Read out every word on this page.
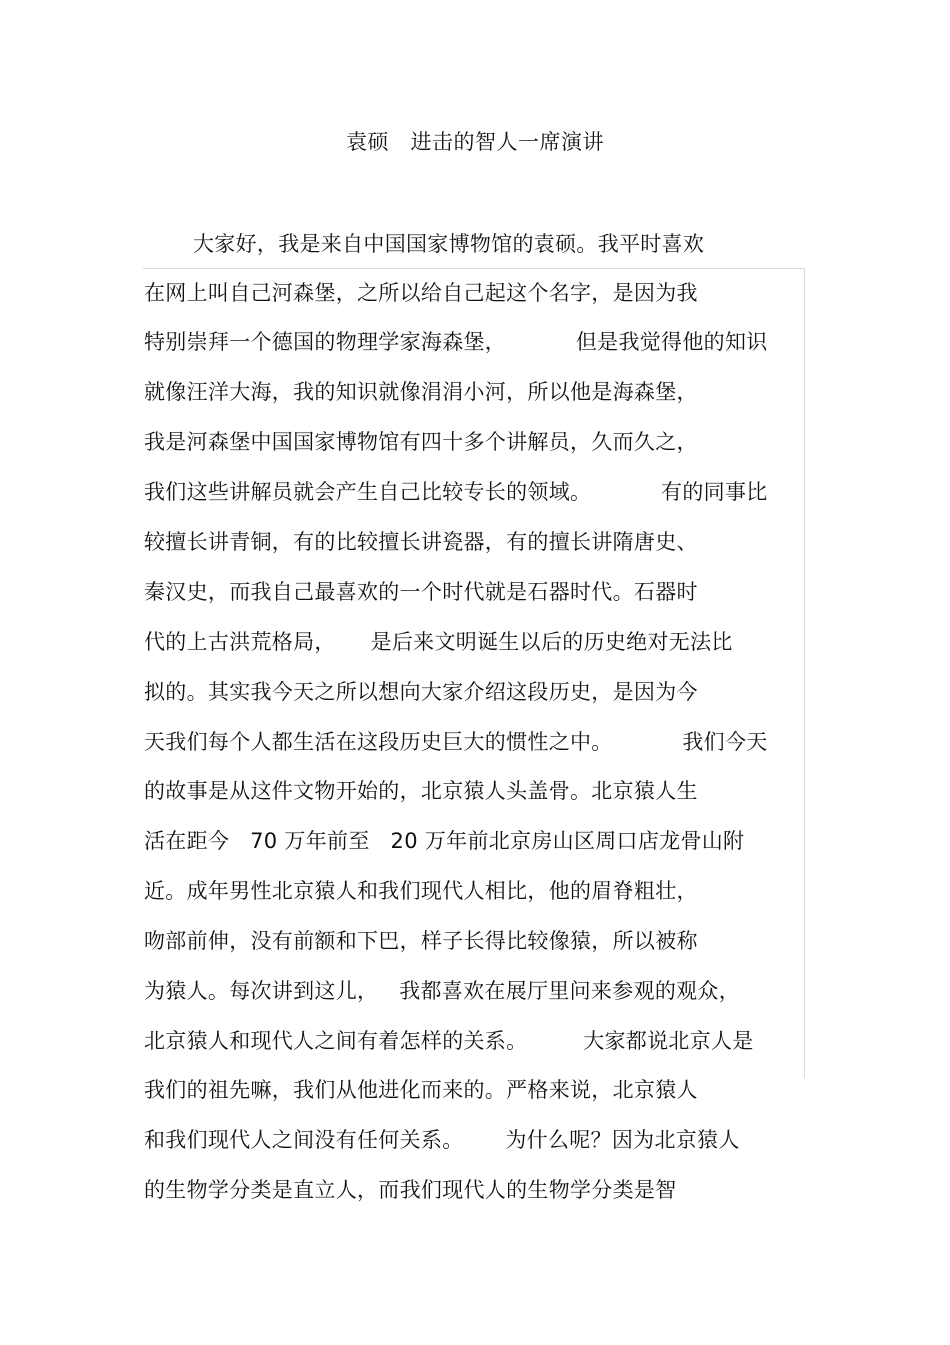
袁硕   进击的智人一席演讲
大家好，我是来自中国国家博物馆的袁硕。我平时喜欢
在网上叫自己河森堡，之所以给自己起这个名字，是因为我
特别崇拜一个德国的物理学家海森堡，          但是我觉得他的知识
就像汪洋大海，我的知识就像涓涓小河，所以他是海森堡，
我是河森堡中国国家博物馆有四十多个讲解员，久而久之，
我们这些讲解员就会产生自己比较专长的领域。          有的同事比
较擅长讲青铜，有的比较擅长讲瓷器，有的擅长讲隋唐史、
秦汉史，而我自己最喜欢的一个时代就是石器时代。石器时
代的上古洪荒格局，     是后来文明诞生以后的历史绝对无法比
拟的。其实我今天之所以想向大家介绍这段历史，是因为今
天我们每个人都生活在这段历史巨大的惯性之中。          我们今天
的故事是从这件文物开始的，北京猿人头盖骨。北京猿人生
活在距今   70 万年前至   20 万年前北京房山区周口店龙骨山附
近。成年男性北京猿人和我们现代人相比，他的眉脊粗壮，
吻部前伸，没有前额和下巴，样子长得比较像猿，所以被称
为猿人。每次讲到这儿，   我都喜欢在展厅里问来参观的观众，
北京猿人和现代人之间有着怎样的关系。        大家都说北京人是
我们的祖先嘛，我们从他进化而来的。严格来说，北京猿人
和我们现代人之间没有任何关系。      为什么呢？因为北京猿人
的生物学分类是直立人，而我们现代人的生物学分类是智
